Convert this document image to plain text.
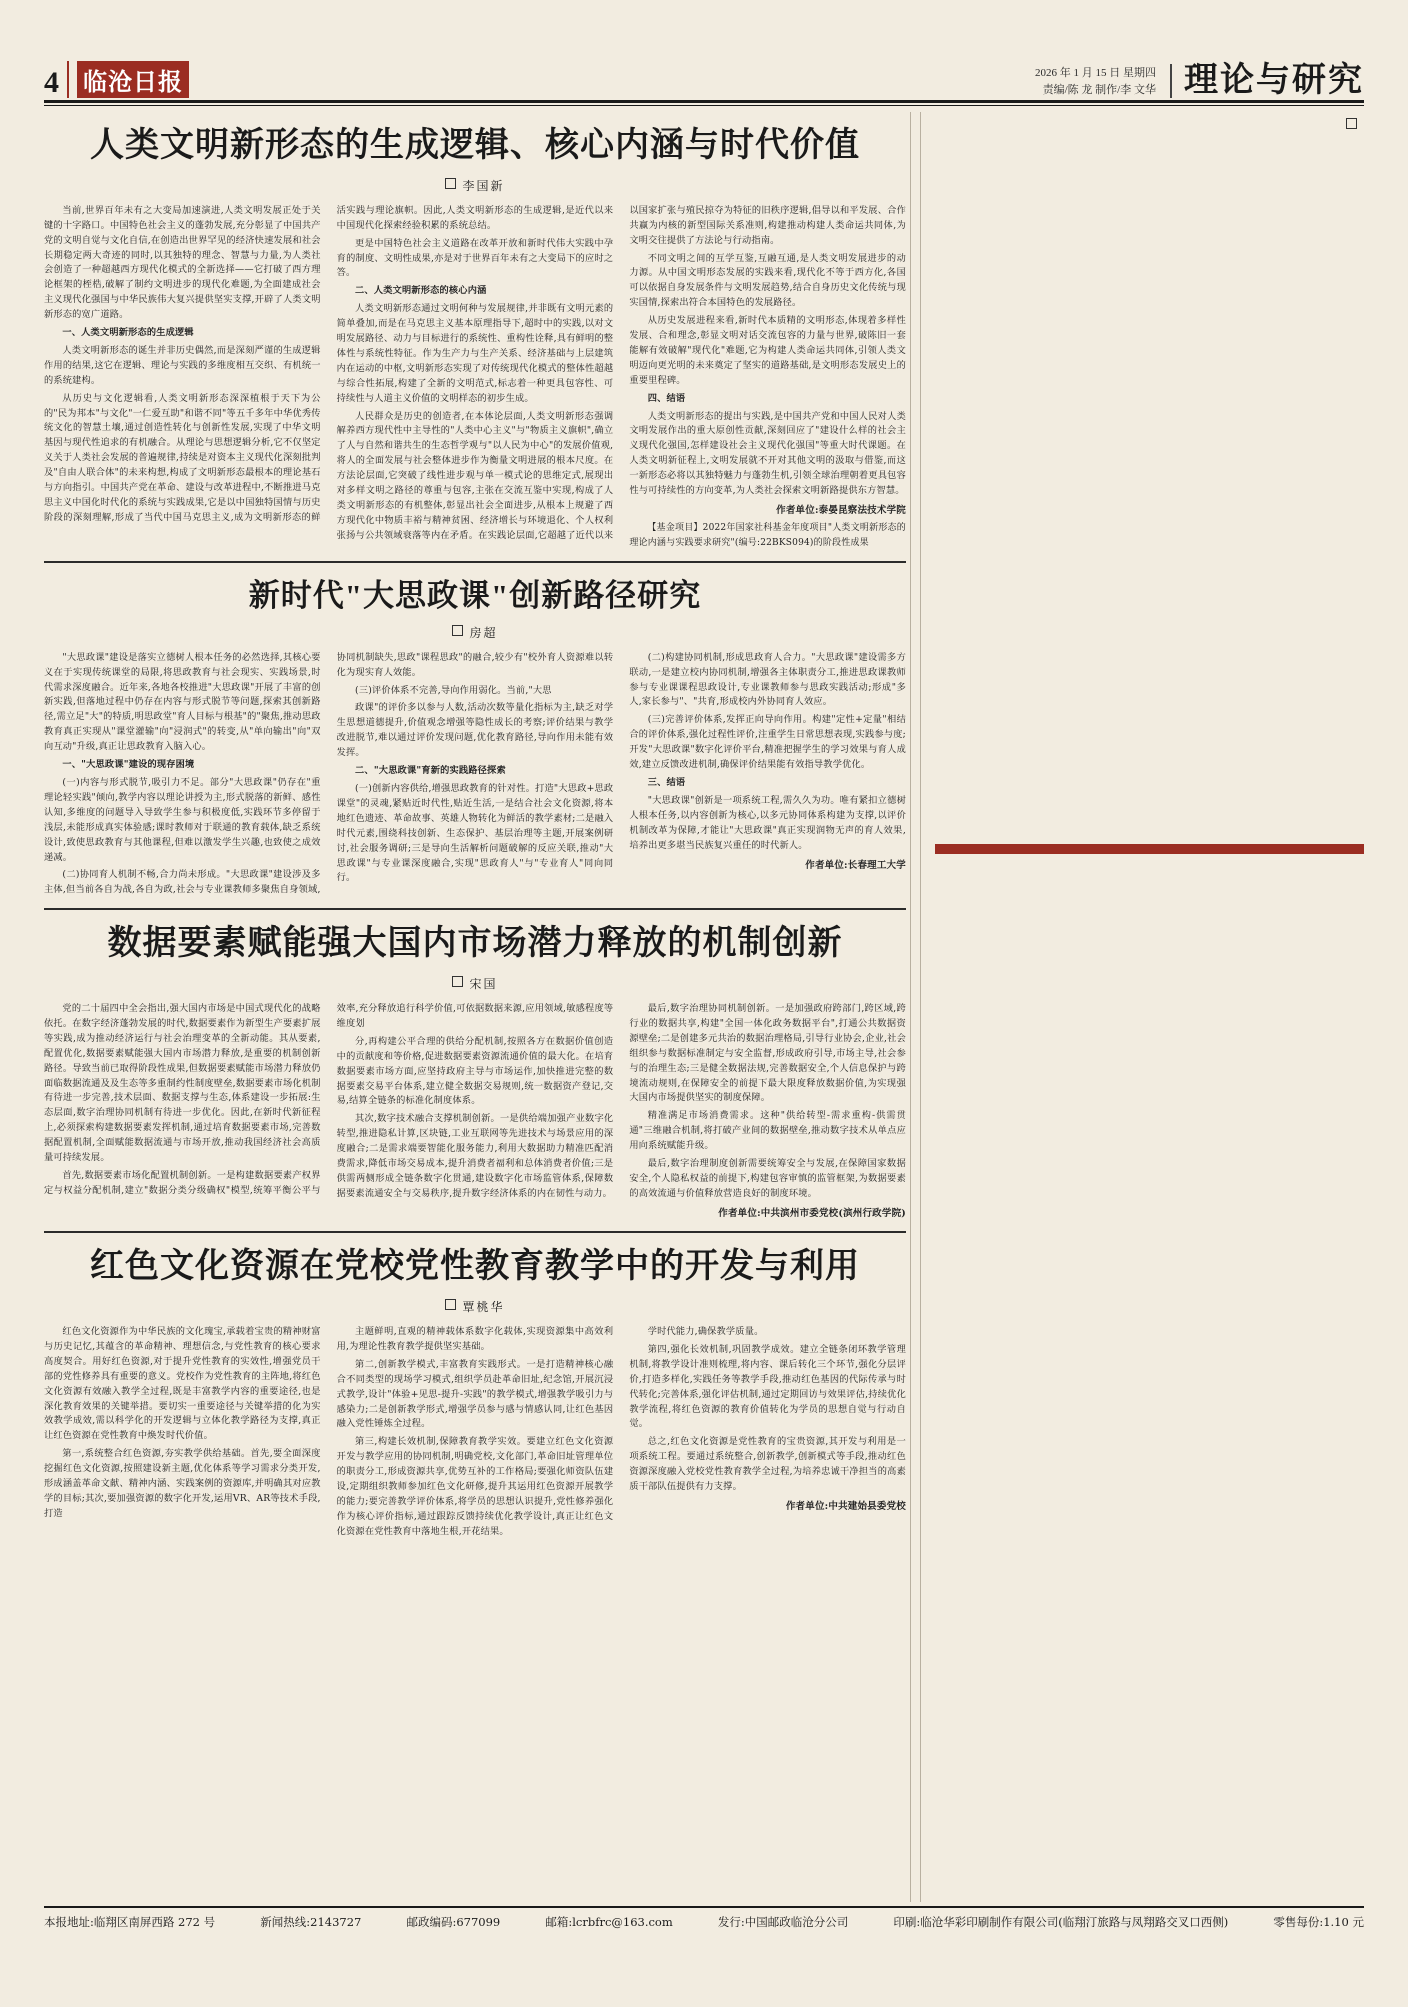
4 临沧日报	2026 年 1 月 15 日 星期四
责编/陈 龙 制作/李 文华 理论与研究
人类文明新形态的生成逻辑、核心内涵与时代价值
李国新

当前,世界百年未有之大变局加速演进,人类文明发展正处于关键的十字路口。中国特色社会主义的蓬勃发展,充分彰显了中国共产党的文明自觉与文化自信,在创造出世界罕见的经济快速发展和社会长期稳定两大奇迹的同时,以其独特的理念、智慧与力量,为人类社会创造了一种超越西方现代化模式的全新选择——它打破了西方理论框架的桎梏,破解了制约文明进步的现代化难题,为全面建成社会主义现代化强国与中华民族伟大复兴提供坚实支撑,开辟了人类文明新形态的宽广道路。

一、人类文明新形态的生成逻辑

人类文明新形态的诞生并非历史偶然,而是深刻严谨的生成逻辑作用的结果,这它在逻辑、理论与实践的多维度相互交织、有机统一的系统建构。

从历史与文化逻辑看,人类文明新形态深深植根于天下为公的"民为邦本"与文化"一仁爱互助"和谐不同"等五千多年中华优秀传统文化的智慧土壤,通过创造性转化与创新性发展,实现了中华文明基因与现代性追求的有机融合。从理论与思想逻辑分析,它不仅坚定义关于人类社会发展的普遍规律,持续是对资本主义现代化深刻批判及"自由人联合体"的未来构想,构成了文明新形态最根本的理论基石与方向指引。中国共产党在革命、建设与改革进程中,不断推进马克思主义中国化时代化的系统与实践成果,它是以中国独特国情与历史阶段的深刻理解,形成了当代中国马克思主义,成为文明新形态的鲜活实践与理论旗帜。因此,人类文明新形态的生成逻辑,是近代以来中国现代化探索经验积累的系统总结。

更是中国特色社会主义道路在改革开放和新时代伟大实践中孕育的制度、文明性成果,亦是对于世界百年未有之大变局下的应时之答。

二、人类文明新形态的核心内涵

人类文明新形态通过文明何种与发展规律,并非既有文明元素的简单叠加,而是在马克思主义基本原理指导下,超时中的实践,以对文明发展路径、动力与目标进行的系统性、重构性诠释,具有鲜明的整体性与系统性特征。作为生产力与生产关系、经济基础与上层建筑内在运动的中枢,文明新形态实现了对传统现代化模式的整体性超越与综合性拓展,构建了全新的文明范式,标志着一种更具包容性、可持续性与人道主义价值的文明样态的初步生成。

人民群众是历史的创造者,在本体论层面,人类文明新形态强调解养西方现代性中主导性的"人类中心主义"与"物质主义旗帜",确立了人与自然和谐共生的生态哲学观与"以人民为中心"的发展价值观,将人的全面发展与社会整体进步作为衡量文明进展的根本尺度。在方法论层面,它突破了线性进步观与单一模式论的思维定式,展现出对多样文明之路径的尊重与包容,主张在交流互鉴中实现,构成了人类文明新形态的有机整体,彰显出社会全面进步,从根本上规避了西方现代化中物质丰裕与精神贫困、经济增长与环境退化、个人权利张扬与公共领域衰落等内在矛盾。在实践论层面,它超越了近代以来以国家扩张与殖民掠夺为特征的旧秩序逻辑,倡导以和平发展、合作共赢为内核的新型国际关系准则,构建推动构建人类命运共同体,为文明交往提供了方法论与行动指南。

不同文明之间的互学互鉴,互融互通,是人类文明发展进步的动力源。从中国文明形态发展的实践来看,现代化不等于西方化,各国可以依据自身发展条件与文明发展趋势,结合自身历史文化传统与现实国情,探索出符合本国特色的发展路径。

从历史发展进程来看,新时代本质精的文明形态,体现着多样性发展、合和理念,彰显文明对话交流包容的力量与世界,破陈旧一套能解有效破解"现代化"难题,它为构建人类命运共同体,引领人类文明迈向更光明的未来奠定了坚实的道路基础,是文明形态发展史上的重要里程碑。

四、结语

人类文明新形态的提出与实践,是中国共产党和中国人民对人类文明发展作出的重大原创性贡献,深刻回应了"建设什么样的社会主义现代化强国,怎样建设社会主义现代化强国"等重大时代课题。在人类文明新征程上,文明发展就不开对其他文明的汲取与借鉴,而这一新形态必将以其独特魅力与蓬勃生机,引领全球治理朝着更具包容性与可持续性的方向变革,为人类社会探索文明新路提供东方智慧。

作者单位:泰晏昆察法技术学院
【基金项目】2022年国家社科基金年度项目"人类文明新形态的理论内涵与实践要求研究"(编号:22BKS094)的阶段性成果
新时代"大思政课"创新路径研究
房超

"大思政课"建设是落实立德树人根本任务的必然选择,其核心要义在于实现传统课堂的局限,将思政教育与社会现实、实践场景,时代需求深度融合。近年来,各地各校推进"大思政课"开展了丰富的创新实践,但落地过程中仍存在内容与形式脱节等问题,探索其创新路径,需立足"大"的特质,明思政堂"育人目标与根基"的"聚焦,推动思政教育真正实现从"课堂灌输"向"浸润式"的转变,从"单向输出"向"双向互动"升级,真正让思政教育入脑入心。

一、"大思政课"建设的现存困境

(一)内容与形式脱节,吸引力不足。部分"大思政课"仍存在"重理论轻实践"倾向,教学内容以理论讲授为主,形式脱落的新鲜、感性认知,多维度的问题导入导致学生参与积极度低,实践环节多停留于浅层,未能形成真实体验感;课时教师对于联通的教育载体,缺乏系统设计,致使思政教育与其他课程,但难以激发学生兴趣,也致使之成效递减。

(二)协同育人机制不畅,合力尚未形成。"大思政课"建设涉及多主体,但当前各自为战,各自为政,社会与专业课教师多聚焦自身领域,协同机制缺失,思政"课程思政"的融合,较少有"校外育人资源难以转化为现实育人效能。

(三)评价体系不完善,导向作用弱化。当前,"大思

政课"的评价多以参与人数,活动次数等量化指标为主,缺乏对学生思想道德提升,价值观念增强等隐性成长的考察;评价结果与教学改进脱节,难以通过评价发现问题,优化教育路径,导向作用未能有效发挥。

二、"大思政课"育新的实践路径探索

(一)创新内容供给,增强思政教育的针对性。打造"大思政+思政课堂"的灵魂,紧贴近时代性,贴近生活,一是结合社会文化资源,将本地红色遗迹、革命故事、英雄人物转化为鲜活的教学素材;二是融入时代元素,围绕科技创新、生态保护、基层治理等主题,开展案例研讨,社会服务调研;三是导向生活解析问题破解的反应关联,推动"大思政课"与专业课深度融合,实现"思政育人"与"专业育人"同向同行。

(二)构建协同机制,形成思政育人合力。"大思政课"建设需多方联动,一是建立校内协同机制,增强各主体职责分工,推进思政课教师参与专业课课程思政设计,专业课教师参与思政实践活动;形成"多人,家长参与"、"共育,形成校内外协同育人效应。

(三)完善评价体系,发挥正向导向作用。构建"定性+定量"相结合的评价体系,强化过程性评价,注重学生日常思想表现,实践参与度;开发"大思政课"数字化评价平台,精准把握学生的学习效果与育人成效,建立反馈改进机制,确保评价结果能有效指导教学优化。

三、结语

"大思政课"创新是一项系统工程,需久久为功。唯有紧扣立德树人根本任务,以内容创新为核心,以多元协同体系构建为支撑,以评价机制改革为保障,才能让"大思政课"真正实现润物无声的育人效果,培养出更多堪当民族复兴重任的时代新人。

作者单位:长春理工大学
数据要素赋能强大国内市场潜力释放的机制创新
宋国

党的二十届四中全会指出,强大国内市场是中国式现代化的战略依托。在数字经济蓬勃发展的时代,数据要素作为新型生产要素扩展等实践,成为推动经济运行与社会治理变革的全新动能。其从要素,配置优化,数据要素赋能强大国内市场潜力释放,是重要的机制创新路径。导致当前已取得阶段性成果,但数据要素赋能市场潜力释放仍面临数据流通及及生态等多重制约性制度壁垒,数据要素市场化机制有待进一步完善,技术层面、数据支撑与生态,体系建设一步拓展:生态层面,数字治理协同机制有待进一步优化。因此,在新时代新征程上,必须探索构建数据要素发挥机制,通过培育数据要素市场,完善数据配置机制,全面赋能数据流通与市场开放,推动我国经济社会高质量可持续发展。

首先,数据要素市场化配置机制创新。一是构建数据要素产权界定与权益分配机制,建立"数据分类分级确权"模型,统筹平衡公平与效率,充分释放追行科学价值,可依据数据来源,应用领域,敏感程度等维度划

分,再构建公平合理的供给分配机制,按照各方在数据价值创造中的贡献度和等价格,促进数据要素资源流通价值的最大化。在培育数据要素市场方面,应坚持政府主导与市场运作,加快推进完整的数据要素交易平台体系,建立健全数据交易规则,统一数据资产登记,交易,结算全链条的标准化制度体系。

其次,数字技术融合支撑机制创新。一是供给端加强产业数字化转型,推进隐私计算,区块链,工业互联网等先进技术与场景应用的深度融合;二是需求端要智能化服务能力,利用大数据助力精准匹配消费需求,降低市场交易成本,提升消费者福利和总体消费者价值;三是供需两侧形成全链条数字化贯通,建设数字化市场监管体系,保障数据要素流通安全与交易秩序,提升数字经济体系的内在韧性与动力。

最后,数字治理协同机制创新。一是加强政府跨部门,跨区域,跨行业的数据共享,构建"全国一体化政务数据平台",打通公共数据资源壁垒;二是创建多元共治的数据治理格局,引导行业协会,企业,社会组织参与数据标准制定与安全监督,形成政府引导,市场主导,社会参与的治理生态;三是健全数据法规,完善数据安全,个人信息保护与跨境流动规则,在保障安全的前提下最大限度释放数据价值,为实现强大国内市场提供坚实的制度保障。

精准满足市场消费需求。这种"供给转型-需求重构-供需贯通"三维融合机制,将打破产业间的数据壁垒,推动数字技术从单点应用向系统赋能升级。

最后,数字治理制度创新需要统筹安全与发展,在保障国家数据安全,个人隐私权益的前提下,构建包容审慎的监管框架,为数据要素的高效流通与价值释放营造良好的制度环境。

作者单位:中共滨州市委党校(滨州行政学院)
红色文化资源在党校党性教育教学中的开发与利用
覃桃华

红色文化资源作为中华民族的文化瑰宝,承载着宝贵的精神财富与历史记忆,其蕴含的革命精神、理想信念,与党性教育的核心要求高度契合。用好红色资源,对于提升党性教育的实效性,增强党员干部的党性修养具有重要的意义。党校作为党性教育的主阵地,将红色文化资源有效融入教学全过程,既是丰富教学内容的重要途径,也是深化教育效果的关键举措。要切实一重要途径与关键举措的化为实效教学成效,需以科学化的开发逻辑与立体化教学路径为支撑,真正让红色资源在党性教育中焕发时代价值。

第一,系统整合红色资源,夯实教学供给基础。首先,要全面深度挖掘红色文化资源,按照建设新主题,优化体系等学习需求分类开发,形成涵盖革命文献、精神内涵、实践案例的资源库,并明确其对应教学的目标;其次,要加强资源的数字化开发,运用VR、AR等技术手段,打造

主题鲜明,直观的精神载体系数字化载体,实现资源集中高效利用,为理论性教育教学提供坚实基础。

第二,创新教学模式,丰富教育实践形式。一是打造精神核心融合不同类型的现场学习模式,组织学员赴革命旧址,纪念馆,开展沉浸式教学,设计"体验+见思-提升-实践"的教学模式,增强教学吸引力与感染力;二是创新教学形式,增强学员参与感与情感认同,让红色基因融入党性锤炼全过程。

第三,构建长效机制,保障教育教学实效。要建立红色文化资源开发与教学应用的协同机制,明确党校,文化部门,革命旧址管理单位的职责分工,形成资源共享,优势互补的工作格局;要强化师资队伍建设,定期组织教师参加红色文化研修,提升其运用红色资源开展教学的能力;要完善教学评价体系,将学员的思想认识提升,党性修养强化作为核心评价指标,通过跟踪反馈持续优化教学设计,真正让红色文化资源在党性教育中落地生根,开花结果。

学时代能力,确保教学质量。

第四,强化长效机制,巩固教学成效。建立全链条闭环教学管理机制,将教学设计准则梳理,将内容、课后转化三个环节,强化分层评价,打造多样化,实践任务等教学手段,推动红色基因的代际传承与时代转化;完善体系,强化评估机制,通过定期回访与效果评估,持续优化教学流程,将红色资源的教育价值转化为学员的思想自觉与行动自觉。

总之,红色文化资源是党性教育的宝贵资源,其开发与利用是一项系统工程。要通过系统整合,创新教学,创新模式等手段,推动红色资源深度融入党校党性教育教学全过程,为培养忠诚干净担当的高素质干部队伍提供有力支撑。

作者单位:中共建始县委党校

本报地址:临翔区南屏西路 272 号	新闻热线:2143727	邮政编码:677099	邮箱:lcrbfrc@163.com	发行:中国邮政临沧分公司	印刷:临沧华彩印刷制作有限公司(临翔汀旅路与凤翔路交叉口西侧)	零售每份:1.10 元
